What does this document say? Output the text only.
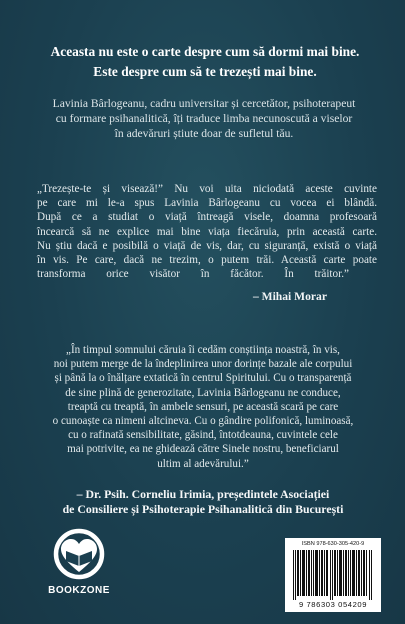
Aceasta nu este o carte despre cum să dormi mai bine.
Este despre cum să te trezești mai bine.
Lavinia Bârlogeanu, cadru universitar și cercetător, psihoterapeut
cu formare psihanalitică, îți traduce limba necunoscută a viselor
în adevăruri știute doar de sufletul tău.
„Trezește-te și visează!” Nu voi uita niciodată aceste cuvinte
pe care mi le-a spus Lavinia Bârlogeanu cu vocea ei blândă.
După ce a studiat o viață întreagă visele, doamna profesoară
încearcă să ne explice mai bine viața fiecăruia, prin această carte.
Nu știu dacă e posibilă o viață de vis, dar, cu siguranță, există o viață
în vis. Pe care, dacă ne trezim, o putem trăi. Această carte poate
transforma orice visător în făcător. În trăitor.”
– Mihai Morar
„În timpul somnului căruia îi cedăm conștiința noastră, în vis,
noi putem merge de la îndeplinirea unor dorințe bazale ale corpului
și până la o înălțare extatică în centrul Spiritului. Cu o transparență
de sine plină de generozitate, Lavinia Bârlogeanu ne conduce,
treaptă cu treaptă, în ambele sensuri, pe această scară pe care
o cunoaște ca nimeni altcineva. Cu o gândire polifonică, luminoasă,
cu o rafinată sensibilitate, găsind, întotdeauna, cuvintele cele
mai potrivite, ea ne ghidează către Sinele nostru, beneficiarul
ultim al adevărului.”
– Dr. Psih. Corneliu Irimia, președintele Asociației
de Consiliere și Psihoterapie Psihanalitică din București
BOOKZONE
ISBN 978-630-305-420-9
9 786303 054209
